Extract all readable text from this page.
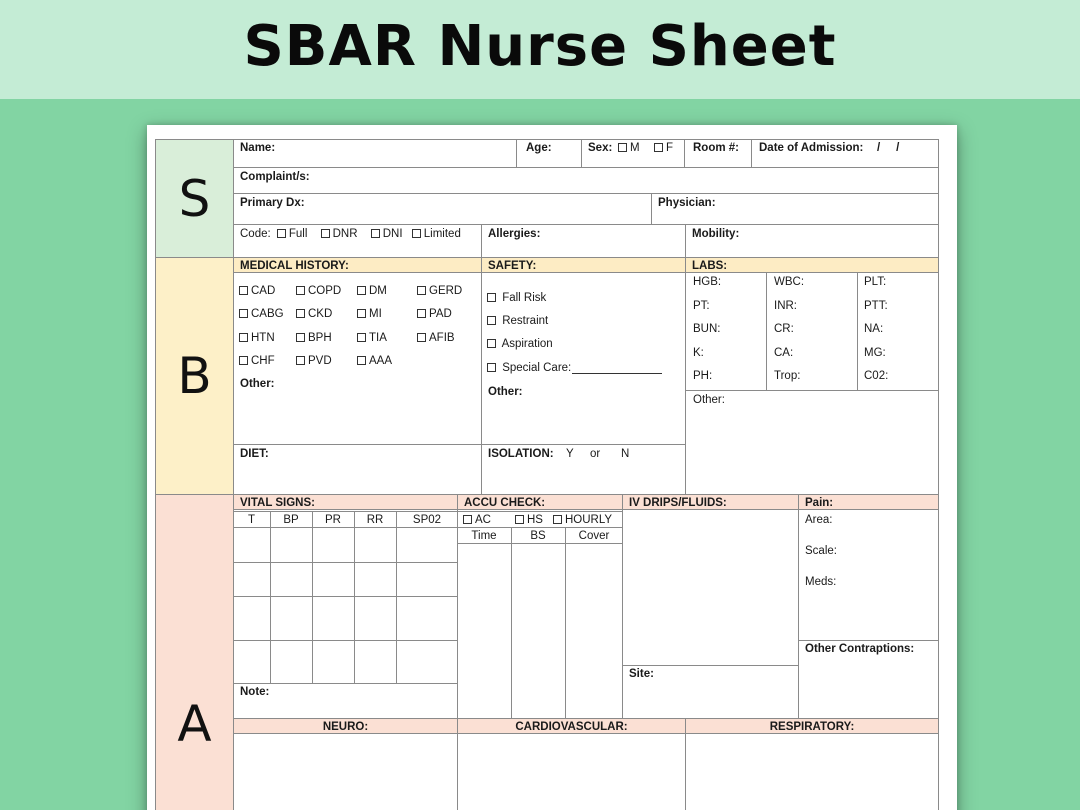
SBAR Nurse Sheet
S
B
A
Name:	Age:	Sex:	M	F Room #: Date of Admission: /     /
Complaint/s:
Primary Dx:	Physician:
Code: Full DNR DNI Limited Allergies:	Mobility:
MEDICAL HISTORY:	SAFETY:	LABS:
CAD	COPD	DM	GERD
CABG	CKD	MI	PAD
HTN	BPH	TIA	AFIB
CHF	PVD	AAA
Other:
Fall Risk
Restraint
Aspiration
Special Care:
Other:
HGB:	WBC:	PLT:
PT:	INR:	PTT:
BUN:	CR:	NA:
K:	CA:	MG:
PH:	Trop:	C02:
Other:
DIET:	ISOLATION: Y or N
VITAL SIGNS:
T	BP	PR	RR	SP02
Note:
ACCU CHECK:
AC	HS	HOURLY
Time	BS	Cover
IV DRIPS/FLUIDS:
Site:
Pain:
Area:
Scale:
Meds:
Other Contraptions:
NEURO:	CARDIOVASCULAR:	RESPIRATORY:
